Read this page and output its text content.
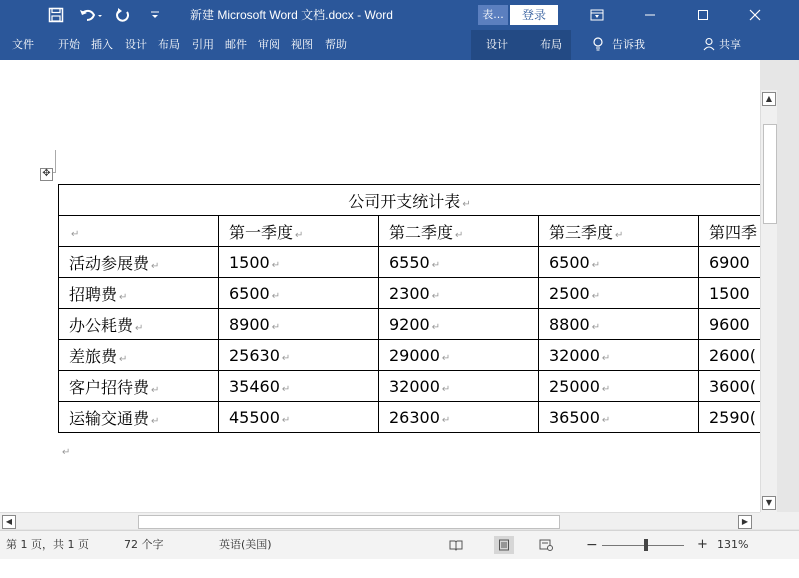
新建 Microsoft Word 文档.docx - Word	表...	登录
文件 开始 插入 设计 布局 引用 邮件 审阅 视图 帮助	设计	布局	告诉我	共享
✥
公司开支统计表 ↵				
↵	第一季度 ↵	第二季度 ↵	第三季度 ↵	第四季
活动参展费 ↵	1500 ↵	6550 ↵	6500 ↵	6900
招聘费 ↵	6500 ↵	2300 ↵	2500 ↵	1500
办公耗费 ↵	8900 ↵	9200 ↵	8800 ↵	9600
差旅费 ↵	25630 ↵	29000 ↵	32000 ↵	2600(
客户招待费 ↵	35460 ↵	32000 ↵	25000 ↵	3600(
运输交通费 ↵	45500 ↵	26300 ↵	36500 ↵	2590(
↵
▲
▼
◀	▶
第 1 页，共 1 页	72 个字	英语(美国)	−	+ 131%
